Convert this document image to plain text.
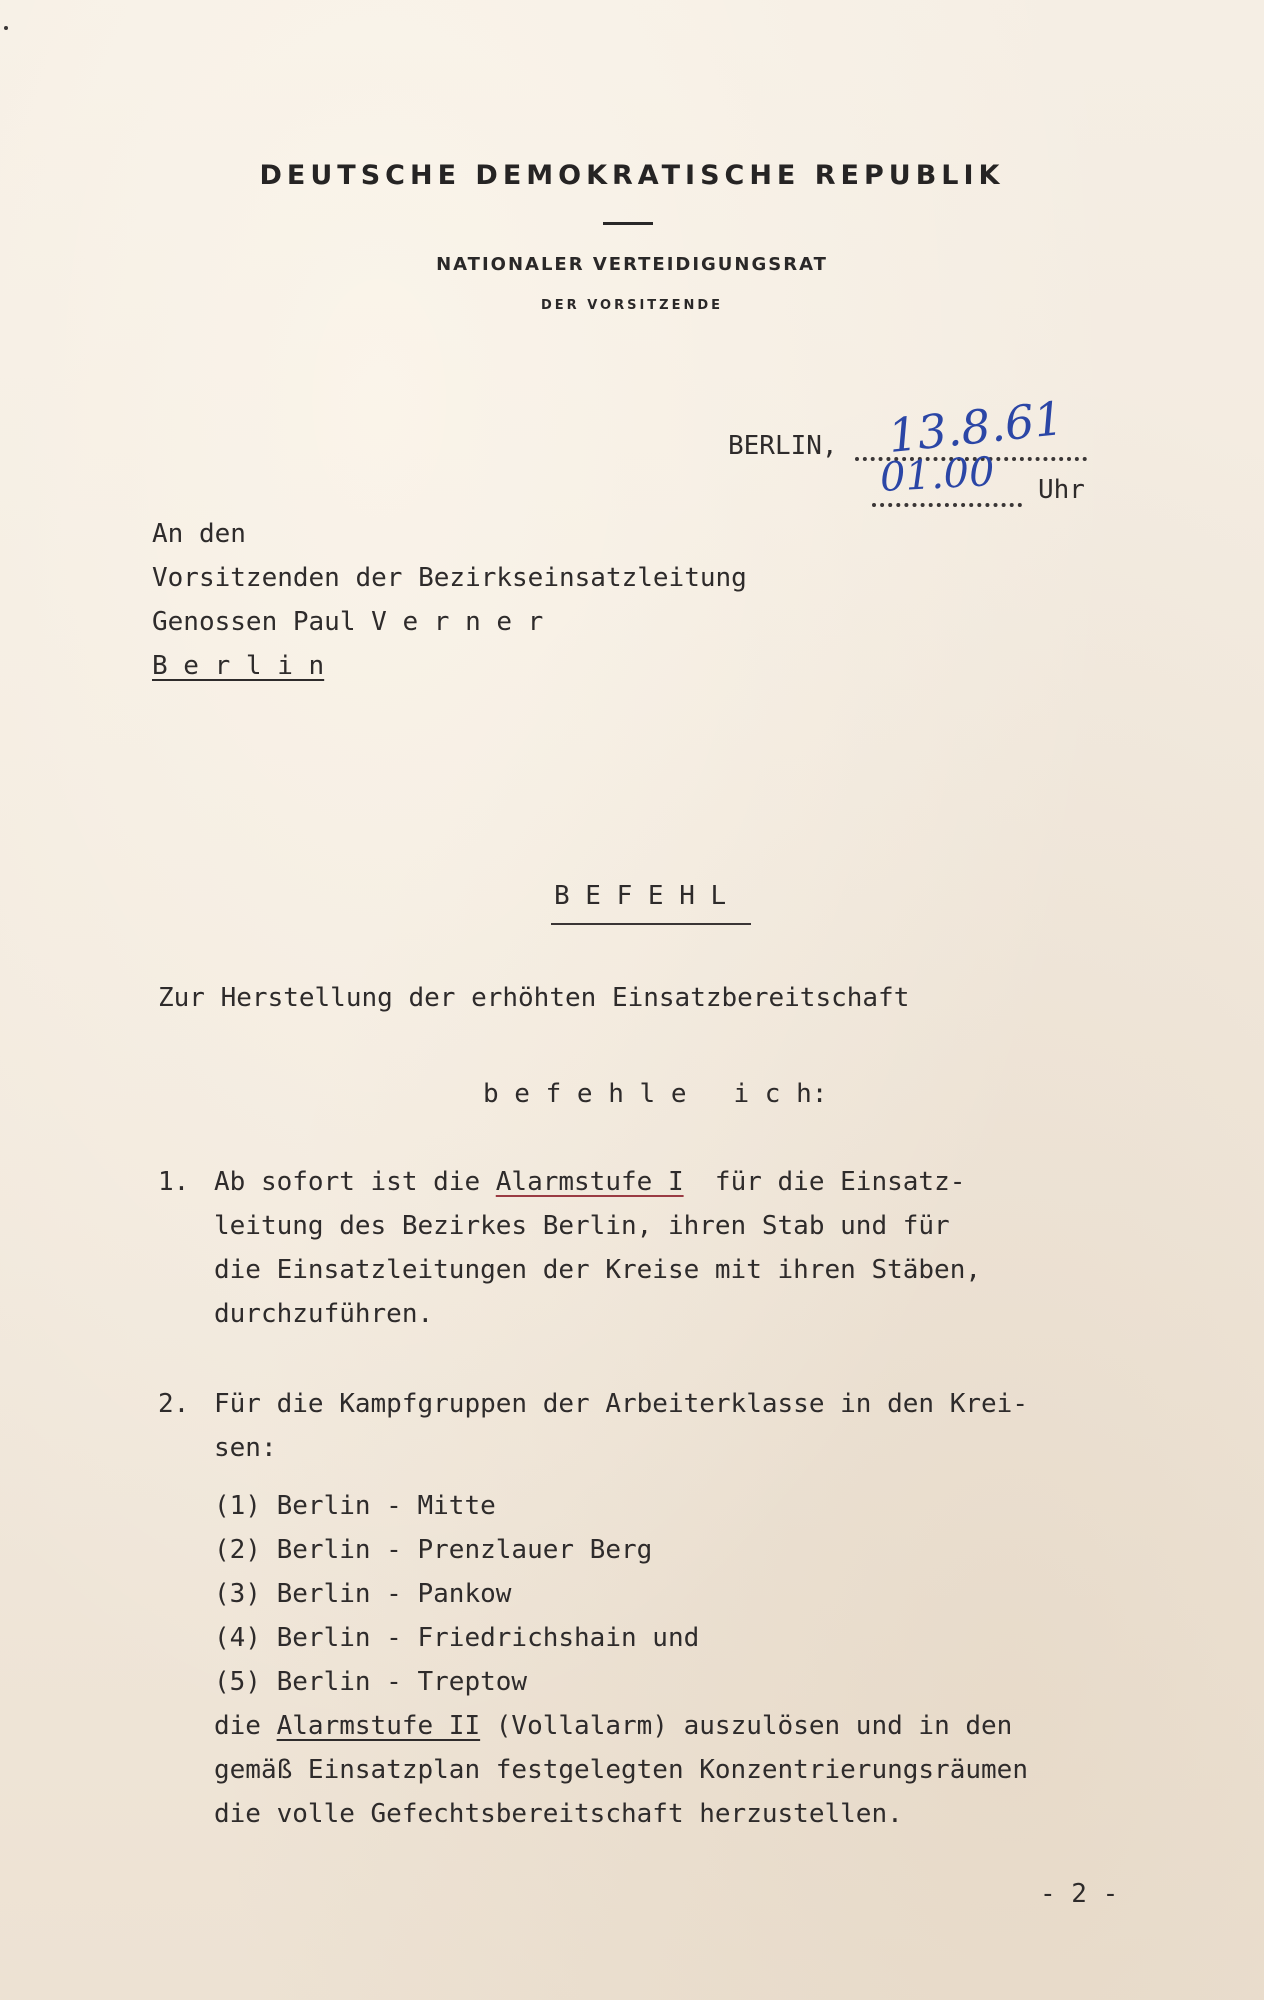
DEUTSCHE DEMOKRATISCHE REPUBLIK
NATIONALER VERTEIDIGUNGSRAT
DER VORSITZENDE
BERLIN, 13.8.61
01.00 Uhr
An den
Vorsitzenden der Bezirkseinsatzleitung
Genossen Paul V e r n e r
B e r l i n
B E F E H L
Zur Herstellung der erhöhten Einsatzbereitschaft
b e f e h l e   i c h:
1. Ab sofort ist die Alarmstufe I  für die Einsatz-
leitung des Bezirkes Berlin, ihren Stab und für
die Einsatzleitungen der Kreise mit ihren Stäben,
durchzuführen.
2. Für die Kampfgruppen der Arbeiterklasse in den Krei-
sen:
(1) Berlin - Mitte
(2) Berlin - Prenzlauer Berg
(3) Berlin - Pankow
(4) Berlin - Friedrichshain und
(5) Berlin - Treptow
die Alarmstufe II (Vollalarm) auszulösen und in den
gemäß Einsatzplan festgelegten Konzentrierungsräumen
die volle Gefechtsbereitschaft herzustellen.
- 2 -
